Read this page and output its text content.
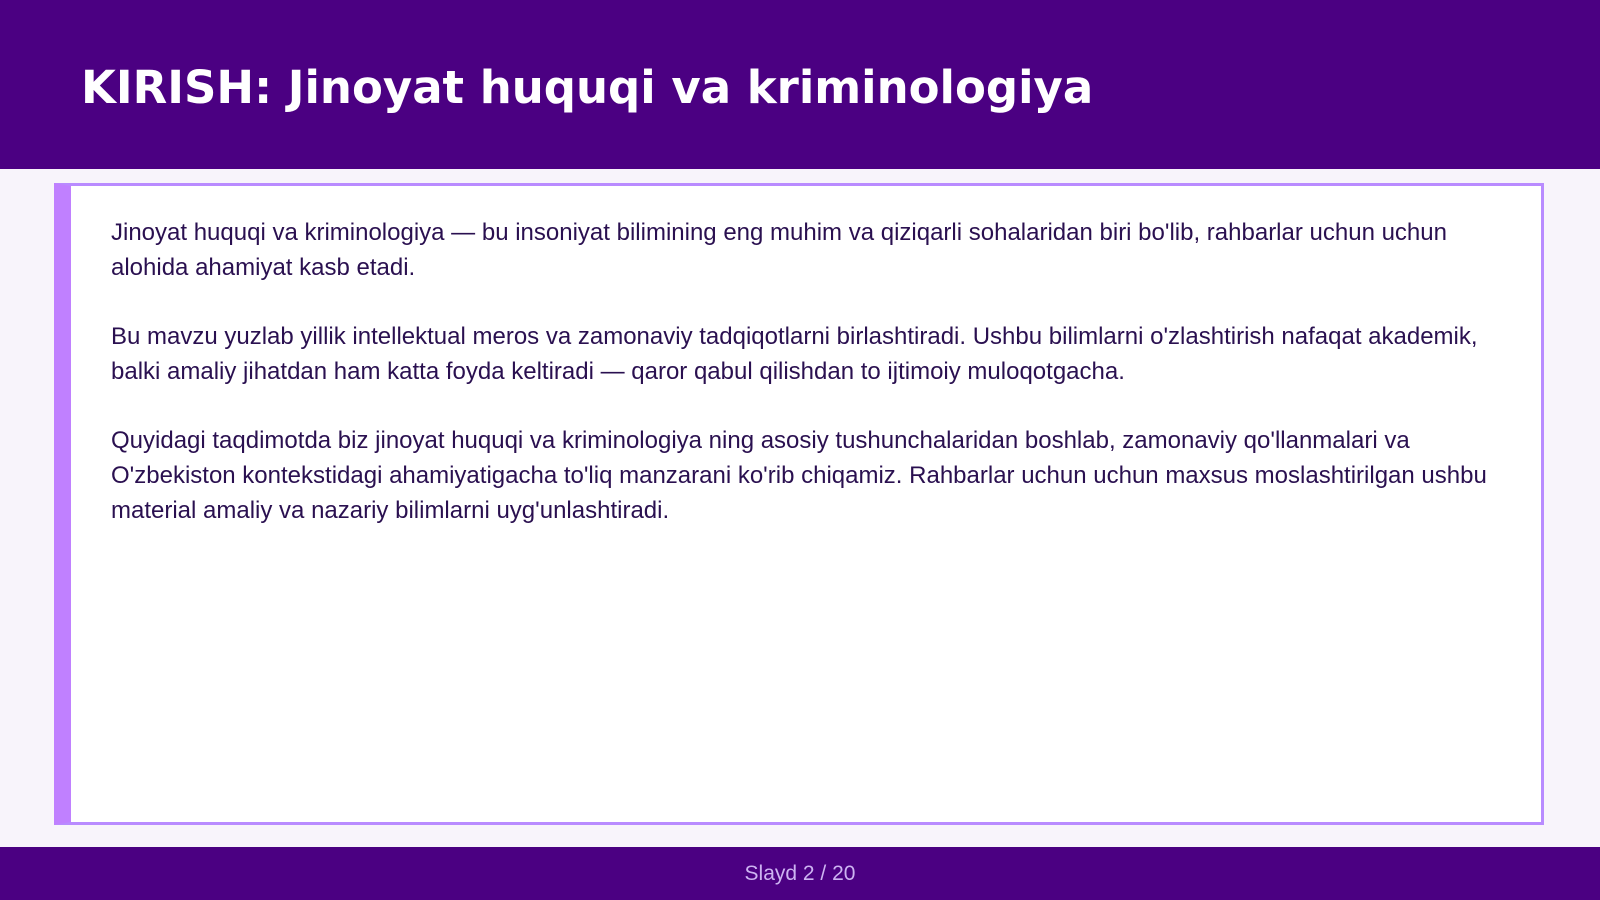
KIRISH: Jinoyat huquqi va kriminologiya

Jinoyat huquqi va kriminologiya — bu insoniyat bilimining eng muhim va qiziqarli sohalaridan biri bo'lib, rahbarlar uchun uchun alohida ahamiyat kasb etadi.

Bu mavzu yuzlab yillik intellektual meros va zamonaviy tadqiqotlarni birlashtiradi. Ushbu bilimlarni o'zlashtirish nafaqat akademik, balki amaliy jihatdan ham katta foyda keltiradi — qaror qabul qilishdan to ijtimoiy muloqotgacha.

Quyidagi taqdimotda biz jinoyat huquqi va kriminologiya ning asosiy tushunchalaridan boshlab, zamonaviy qo'llanmalari va O'zbekiston kontekstidagi ahamiyatigacha to'liq manzarani ko'rib chiqamiz. Rahbarlar uchun uchun maxsus moslashtirilgan ushbu material amaliy va nazariy bilimlarni uyg'unlashtiradi.

Slayd 2 / 20
